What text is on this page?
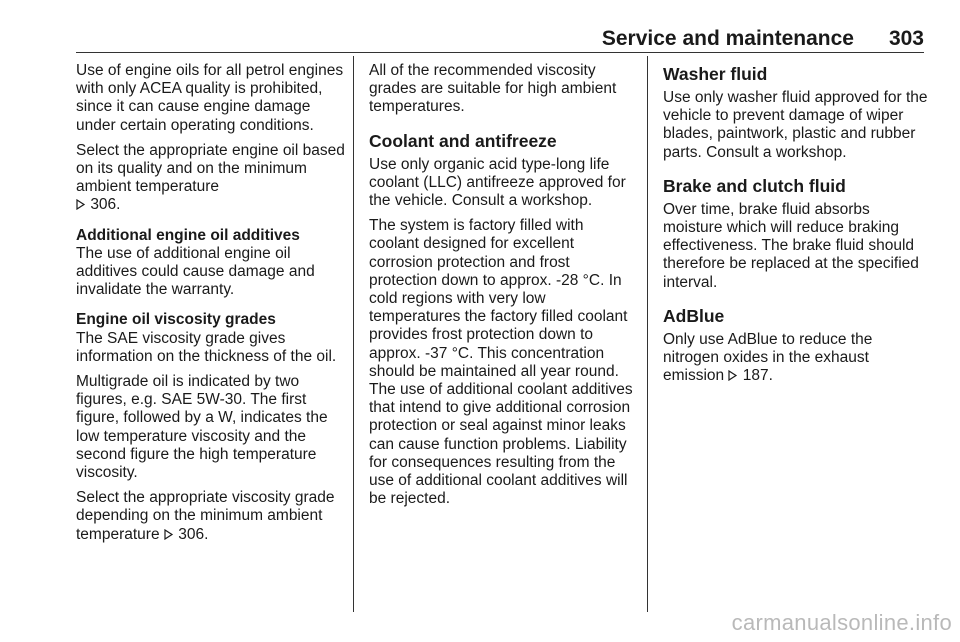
Service and maintenance 303

Use of engine oils for all petrol engines with only ACEA quality is prohibited, since it can cause engine damage under certain operating conditions.

Select the appropriate engine oil based on its quality and on the minimum ambient temperature
306.

Additional engine oil additives

The use of additional engine oil additives could cause damage and invalidate the warranty.

Engine oil viscosity grades

The SAE viscosity grade gives information on the thickness of the oil.

Multigrade oil is indicated by two figures, e.g. SAE 5W-30. The first figure, followed by a W, indicates the low temperature viscosity and the second figure the high temperature viscosity.

Select the appropriate viscosity grade depending on the minimum ambient temperature 306.

All of the recommended viscosity grades are suitable for high ambient temperatures.

Coolant and antifreeze

Use only organic acid type-long life coolant (LLC) antifreeze approved for the vehicle. Consult a workshop.

The system is factory filled with coolant designed for excellent corrosion protection and frost protection down to approx. -28 °C. In cold regions with very low temperatures the factory filled coolant provides frost protection down to approx. -37 °C. This concentration should be maintained all year round. The use of additional coolant additives that intend to give additional corrosion protection or seal against minor leaks can cause function problems. Liability for consequences resulting from the use of additional coolant additives will be rejected.

Washer fluid

Use only washer fluid approved for the vehicle to prevent damage of wiper blades, paintwork, plastic and rubber parts. Consult a workshop.

Brake and clutch fluid

Over time, brake fluid absorbs moisture which will reduce braking effectiveness. The brake fluid should therefore be replaced at the specified interval.

AdBlue

Only use AdBlue to reduce the nitrogen oxides in the exhaust emission 187.

carmanualsonline.info
